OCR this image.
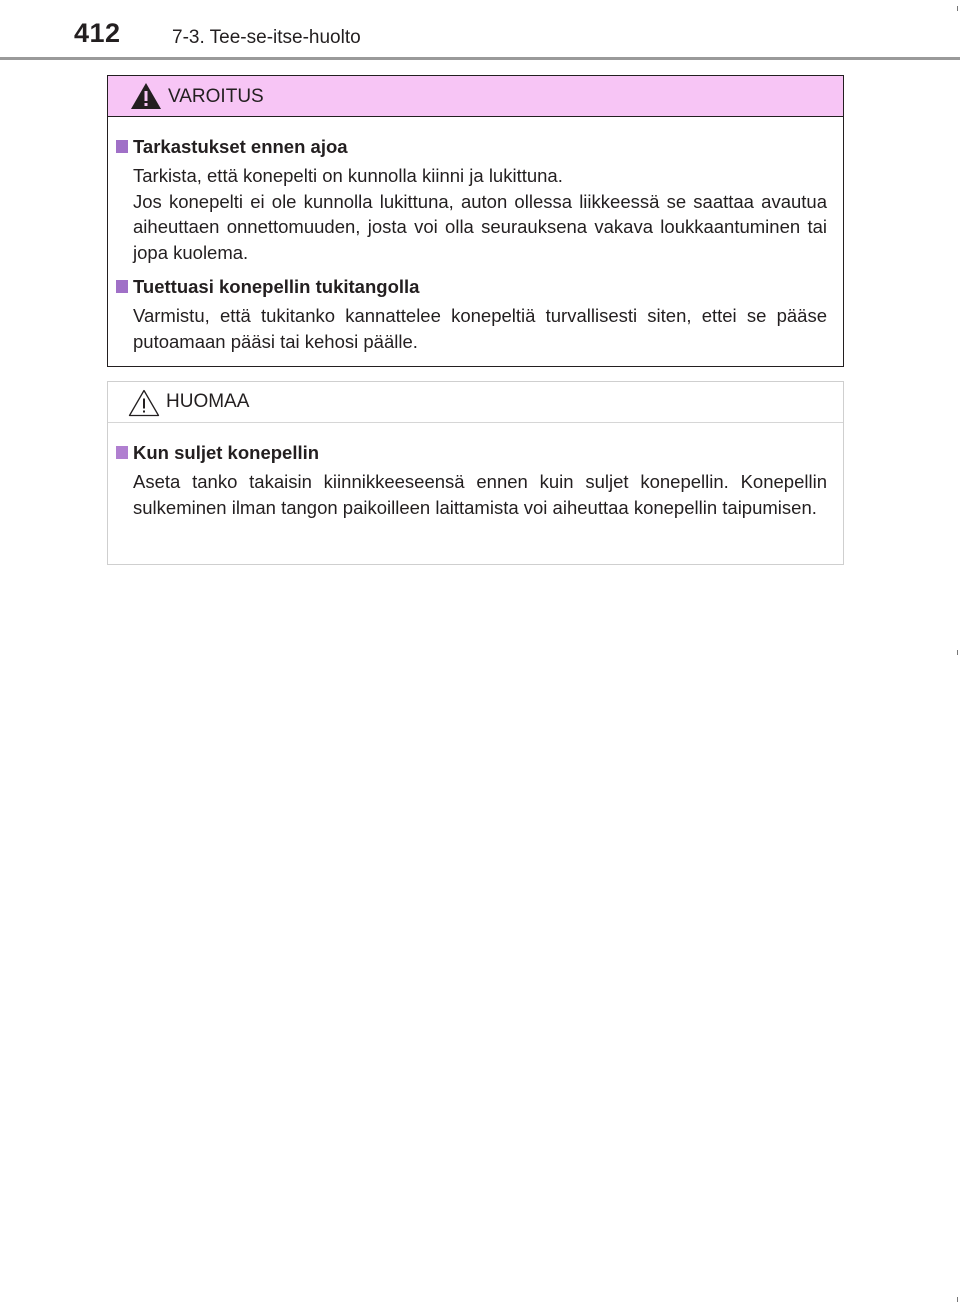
412	7-3. Tee-se-itse-huolto
VAROITUS
Tarkastukset ennen ajoa

Tarkista, että konepelti on kunnolla kiinni ja lukittuna.

Jos konepelti ei ole kunnolla lukittuna, auton ollessa liikkeessä se saattaa avautua aiheuttaen onnettomuuden, josta voi olla seurauksena vakava loukkaantuminen tai jopa kuolema.

Tuettuasi konepellin tukitangolla

Varmistu, että tukitanko kannattelee konepeltiä turvallisesti siten, ettei se pääse putoamaan pääsi tai kehosi päälle.

HUOMAA
Kun suljet konepellin

Aseta tanko takaisin kiinnikkeeseensä ennen kuin suljet konepellin. Konepellin sulkeminen ilman tangon paikoilleen laittamista voi aiheuttaa konepellin taipumisen.
